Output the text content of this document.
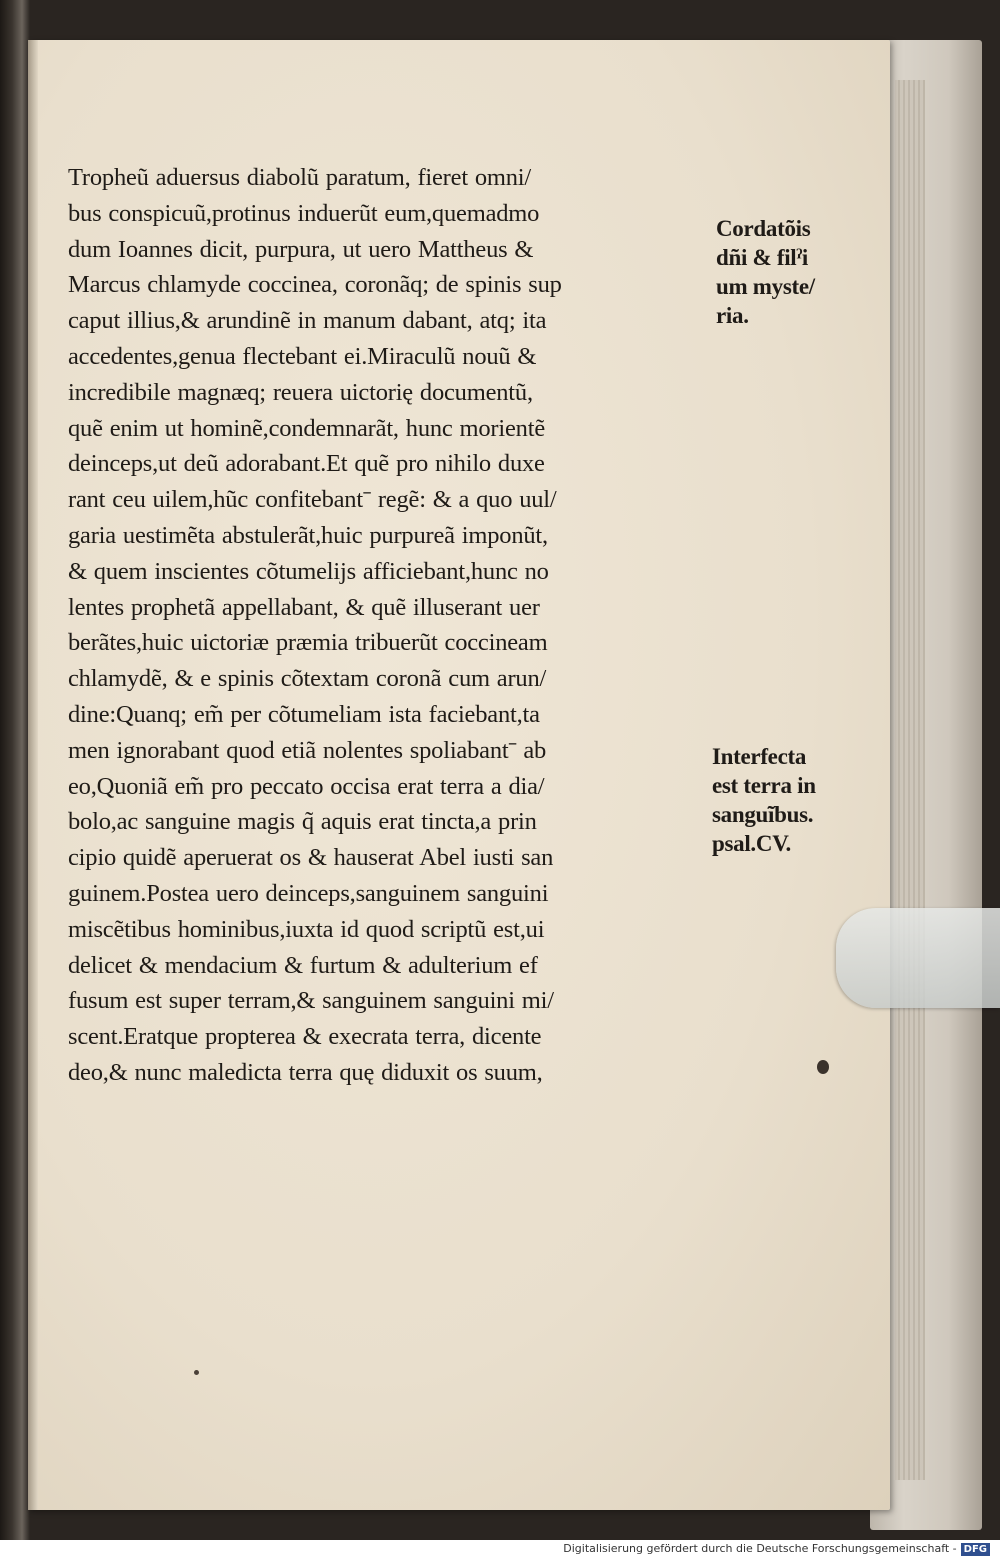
Tropheũ aduersus diabolũ paratum, fieret omni/
bus conspicuũ,protinus induerũt eum,quemadmo
dum Ioannes dicit, purpura, ut uero Mattheus &
Marcus chlamyde coccinea, coronãq; de spinis sup
caput illius,& arundinẽ in manum dabant, atq; ita
accedentes,genua flectebant ei.Miraculũ nouũ &
incredibile magnæq; reuera uictorię documentũ,
quẽ enim ut hominẽ,condemnarãt, hunc morientẽ
deinceps,ut deũ adorabant.Et quẽ pro nihilo duxe
rant ceu uilem,hũc confitebantˉ regẽ: & a quo uul/
garia uestimẽta abstulerãt,huic purpureã imponũt,
& quem inscientes cõtumelijs afficiebant,hunc no
lentes prophetã appellabant, & quẽ illuserant uer
berãtes,huic uictoriæ præmia tribuerũt coccineam
chlamydẽ, & e spinis cõtextam coronã cum arun/
dine:Quanq; em̃ per cõtumeliam ista faciebant,ta
men ignorabant quod etiã nolentes spoliabantˉ ab
eo,Quoniã em̃ pro peccato occisa erat terra a dia/
bolo,ac sanguine magis q̃ aquis erat tincta,a prin
cipio quidẽ aperuerat os & hauserat Abel iusti san
guinem.Postea uero deinceps,sanguinem sanguini
miscẽtibus hominibus,iuxta id quod scriptũ est,ui
delicet & mendacium & furtum & adulterium ef
fusum est super terram,& sanguinem sanguini mi/
scent.Eratque propterea & execrata terra, dicente
deo,& nunc maledicta terra quę diduxit os suum,
Cordatõis
dñi & filˀi
um myste/
ria.
Interfecta
est terra in
sanguĩbus.
psal.CV.
Digitalisierung gefördert durch die Deutsche Forschungsgemeinschaft - DFG
